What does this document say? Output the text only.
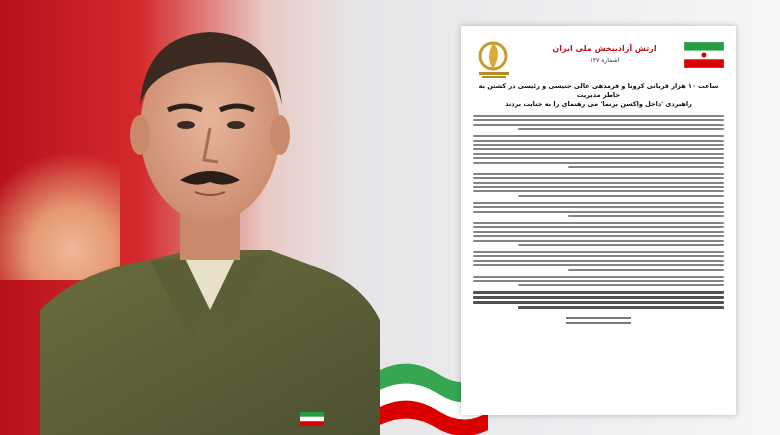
ارتش آزادیبخش ملی ایران
اشماره ۱۳۷
ساعت ۱۰ هزار قربانی کرونا و فرمدهی عالی جنیسی و رئیسی در کشتن به خاطر مدیریت
راهبردی 'داخل واکسن برنما' می رهنمای را به جنایت بردند
